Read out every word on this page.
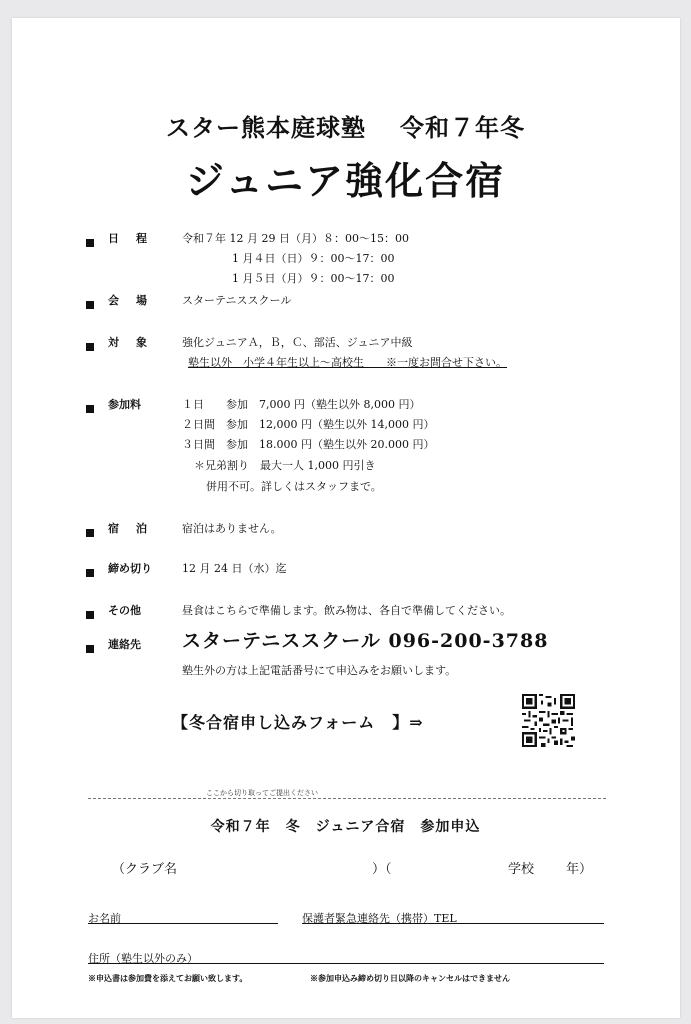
スター熊本庭球塾 令和７年冬
ジュニア強化合宿
日　程	令和７年 12 月 29 日（月）８：00～15：00
1 月４日（日）９：00～17：00
1 月５日（月）９：00～17：00
会　場	スターテニススクール
対　象	強化ジュニアＡ，Ｂ，Ｃ、部活、ジュニア中級
塾生以外　小学４年生以上～高校生　　※一度お問合せ下さい。
参加料	１日　　参加　7,000 円（塾生以外 8,000 円）
２日間　参加　12,000 円（塾生以外 14,000 円）
３日間　参加　18.000 円（塾生以外 20.000 円）
＊兄弟割り　最大一人 1,000 円引き
併用不可。詳しくはスタッフまで。
宿　泊	宿泊はありません。
締め切り	12 月 24 日（水）迄
その他	昼食はこちらで準備します。飲み物は、各自で準備してください。
連絡先 スターテニススクール 096-200-3788
塾生外の方は上記電話番号にて申込みをお願いします。
【冬合宿申し込みフォーム　】⇒
ここから切り取ってご提出ください
令和７年　冬　ジュニア合宿　参加申込
（クラブ名	）（	学校 年）
お名前	保護者緊急連絡先（携帯）TEL
住所（塾生以外のみ）
※申込書は参加費を添えてお願い致します。	※参加申込み締め切り日以降のキャンセルはできません
